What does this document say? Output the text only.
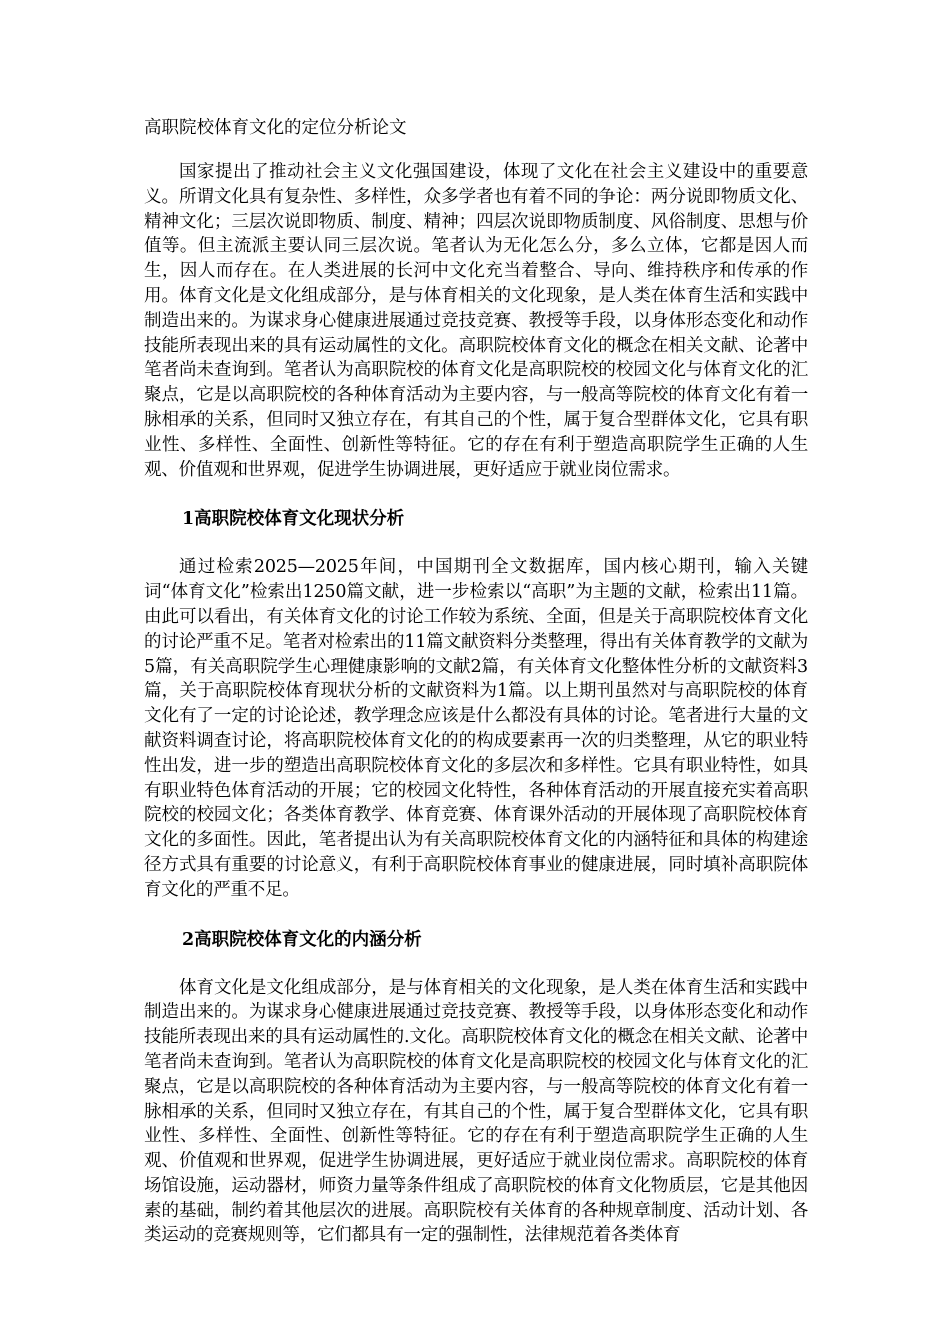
高职院校体育文化的定位分析论文

国家提出了推动社会主义文化强国建设，体现了文化在社会主义建设中的重要意义。所谓文化具有复杂性、多样性，众多学者也有着不同的争论：两分说即物质文化、精神文化；三层次说即物质、制度、精神；四层次说即物质制度、风俗制度、思想与价值等。但主流派主要认同三层次说。笔者认为无化怎么分，多么立体，它都是因人而生，因人而存在。在人类进展的长河中文化充当着整合、导向、维持秩序和传承的作用。体育文化是文化组成部分，是与体育相关的文化现象，是人类在体育生活和实践中制造出来的。为谋求身心健康进展通过竞技竞赛、教授等手段，以身体形态变化和动作技能所表现出来的具有运动属性的文化。高职院校体育文化的概念在相关文献、论著中笔者尚未查询到。笔者认为高职院校的体育文化是高职院校的校园文化与体育文化的汇聚点，它是以高职院校的各种体育活动为主要内容，与一般高等院校的体育文化有着一脉相承的关系，但同时又独立存在，有其自己的个性，属于复合型群体文化，它具有职业性、多样性、全面性、创新性等特征。它的存在有利于塑造高职院学生正确的人生观、价值观和世界观，促进学生协调进展，更好适应于就业岗位需求。

1高职院校体育文化现状分析

通过检索2025—2025年间，中国期刊全文数据库，国内核心期刊，输入关键词“体育文化”检索出1250篇文献，进一步检索以“高职”为主题的文献，检索出11篇。由此可以看出，有关体育文化的讨论工作较为系统、全面，但是关于高职院校体育文化的讨论严重不足。笔者对检索出的11篇文献资料分类整理，得出有关体育教学的文献为5篇，有关高职院学生心理健康影响的文献2篇，有关体育文化整体性分析的文献资料3篇，关于高职院校体育现状分析的文献资料为1篇。以上期刊虽然对与高职院校的体育文化有了一定的讨论论述，教学理念应该是什么都没有具体的讨论。笔者进行大量的文献资料调查讨论，将高职院校体育文化的的构成要素再一次的归类整理，从它的职业特性出发，进一步的塑造出高职院校体育文化的多层次和多样性。它具有职业特性，如具有职业特色体育活动的开展；它的校园文化特性，各种体育活动的开展直接充实着高职院校的校园文化；各类体育教学、体育竞赛、体育课外活动的开展体现了高职院校体育文化的多面性。因此，笔者提出认为有关高职院校体育文化的内涵特征和具体的构建途径方式具有重要的讨论意义，有利于高职院校体育事业的健康进展，同时填补高职院体育文化的严重不足。

2高职院校体育文化的内涵分析

体育文化是文化组成部分，是与体育相关的文化现象，是人类在体育生活和实践中制造出来的。为谋求身心健康进展通过竞技竞赛、教授等手段，以身体形态变化和动作技能所表现出来的具有运动属性的.文化。高职院校体育文化的概念在相关文献、论著中笔者尚未查询到。笔者认为高职院校的体育文化是高职院校的校园文化与体育文化的汇聚点，它是以高职院校的各种体育活动为主要内容，与一般高等院校的体育文化有着一脉相承的关系，但同时又独立存在，有其自己的个性，属于复合型群体文化，它具有职业性、多样性、全面性、创新性等特征。它的存在有利于塑造高职院学生正确的人生观、价值观和世界观，促进学生协调进展，更好适应于就业岗位需求。高职院校的体育场馆设施，运动器材，师资力量等条件组成了高职院校的体育文化物质层，它是其他因素的基础，制约着其他层次的进展。高职院校有关体育的各种规章制度、活动计划、各类运动的竞赛规则等，它们都具有一定的强制性，法律规范着各类体育
